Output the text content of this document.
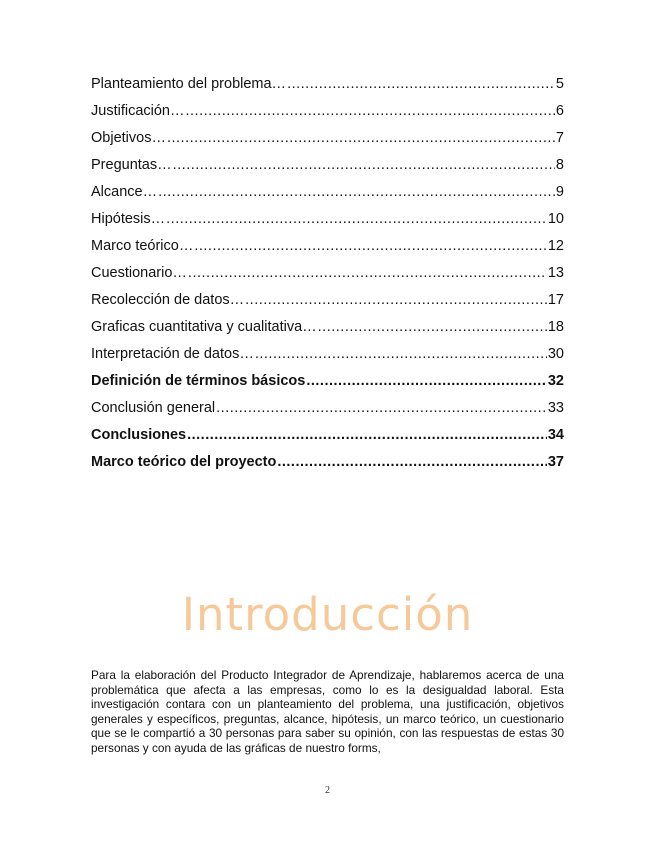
Planteamiento del problema… .....	5
Justificación… .....	6
Objetivos… .....	7
Preguntas… .....	8
Alcance… .....	9
Hipótesis… .....	10
Marco teórico… .....	12
Cuestionario… .....	13
Recolección de datos… .....	17
Graficas cuantitativa y cualitativa… .....	18
Interpretación de datos… .....	30
Definición de términos básicos .....	32
Conclusión general .....	33
Conclusiones .....	34
Marco teórico del proyecto .....	37
Introducción

Para la elaboración del Producto Integrador de Aprendizaje, hablaremos acerca de una problemática que afecta a las empresas, como lo es la desigualdad laboral. Esta investigación contara con un planteamiento del problema, una justificación, objetivos generales y específicos, preguntas, alcance, hipótesis, un marco teórico, un cuestionario que se le compartió a 30 personas para saber su opinión, con las respuestas de estas 30 personas y con ayuda de las gráficas de nuestro forms,

2
